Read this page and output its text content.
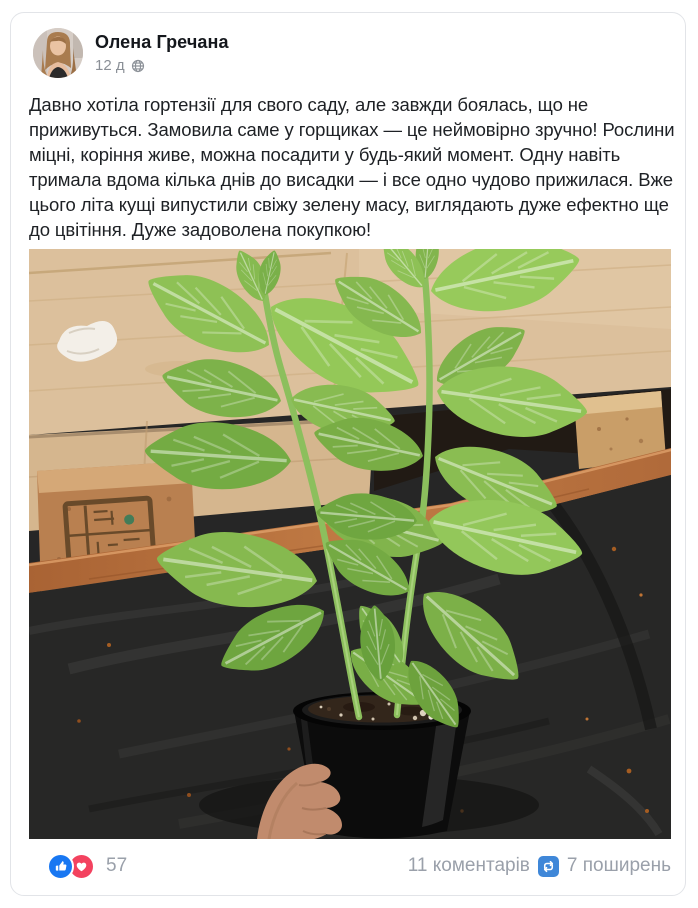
Олена Гречана
12 д
Давно хотіла гортензії для свого саду, але завжди боялась, що не приживуться. Замовила саме у горщиках — це неймовірно зручно! Рослини міцні, коріння живе, можна посадити у будь-який момент. Одну навіть тримала вдома кілька днів до висадки — і все одно чудово прижилася. Вже цього літа кущі випустили свіжу зелену масу, виглядають дуже ефектно ще до цвітіння. Дуже задоволена покупкою!
57	11 коментарів 7 поширень
